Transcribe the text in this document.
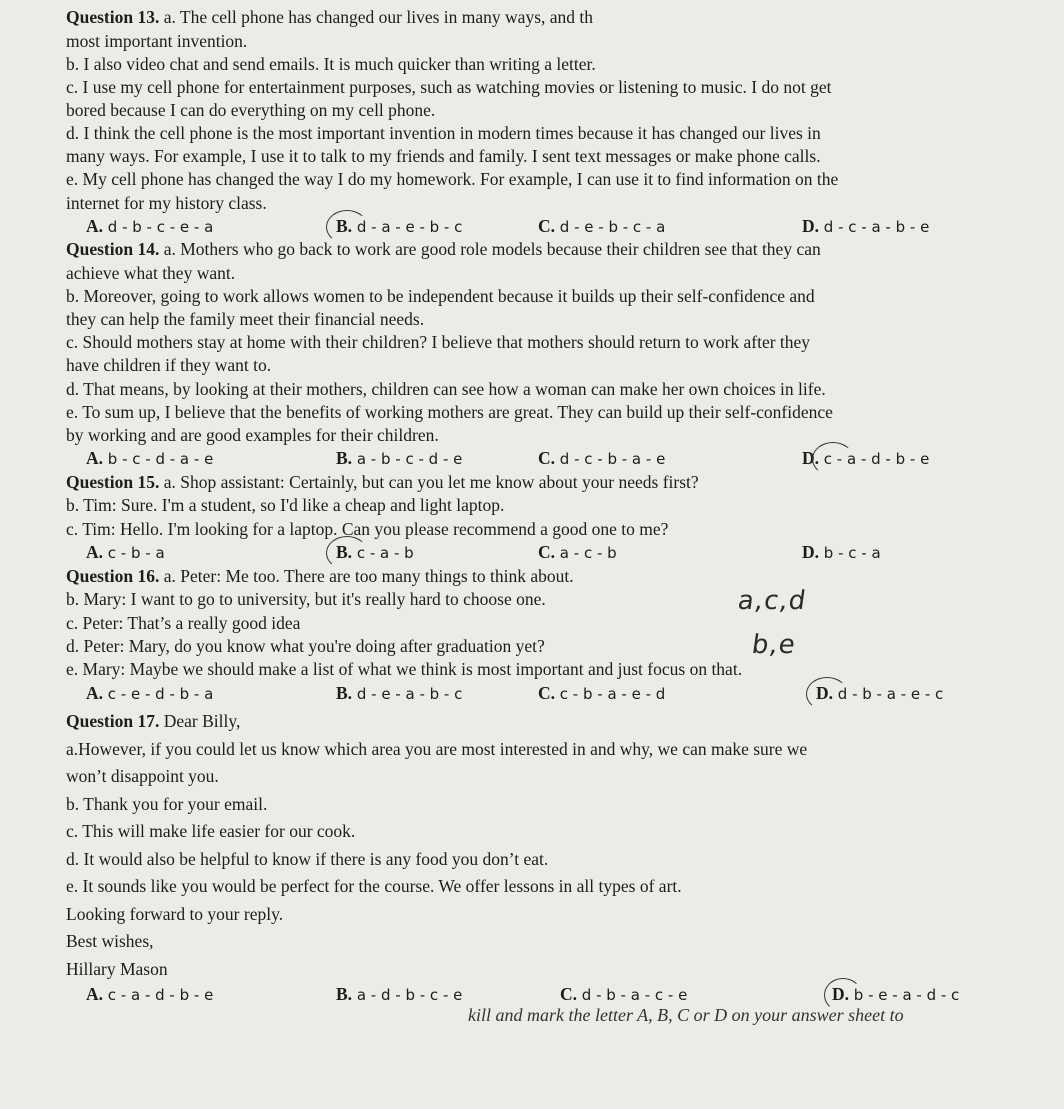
Question 13. a. The cell phone has changed our lives in many ways, and th
most important invention.
b. I also video chat and send emails. It is much quicker than writing a letter.
c. I use my cell phone for entertainment purposes, such as watching movies or listening to music. I do not get
bored because I can do everything on my cell phone.
d. I think the cell phone is the most important invention in modern times because it has changed our lives in
many ways. For example, I use it to talk to my friends and family. I sent text messages or make phone calls.
e. My cell phone has changed the way I do my homework. For example, I can use it to find information on the
internet for my history class.
A. d - b - c - e - a	B. d - a - e - b - c	C. d - e - b - c - a	D. d - c - a - b - e
Question 14. a. Mothers who go back to work are good role models because their children see that they can
achieve what they want.
b. Moreover, going to work allows women to be independent because it builds up their self-confidence and
they can help the family meet their financial needs.
c. Should mothers stay at home with their children? I believe that mothers should return to work after they
have children if they want to.
d. That means, by looking at their mothers, children can see how a woman can make her own choices in life.
e. To sum up, I believe that the benefits of working mothers are great. They can build up their self-confidence
by working and are good examples for their children.
A. b - c - d - a - e	B. a - b - c - d - e	C. d - c - b - a - e	D. c - a - d - b - e
Question 15. a. Shop assistant: Certainly, but can you let me know about your needs first?
b. Tim: Sure. I'm a student, so I'd like a cheap and light laptop.
c. Tim: Hello. I'm looking for a laptop. Can you please recommend a good one to me?
A. c - b - a	B. c - a - b	C. a - c - b	D. b - c - a
Question 16. a. Peter: Me too. There are too many things to think about.
b. Mary: I want to go to university, but it's really hard to choose one.
c. Peter: That’s a really good idea
d. Peter: Mary, do you know what you're doing after graduation yet?
e. Mary: Maybe we should make a list of what we think is most important and just focus on that.
A. c - e - d - b - a	B. d - e - a - b - c	C. c - b - a - e - d	D. d - b - a - e - c
a,c,d
b,e
Question 17. Dear Billy,
a.However, if you could let us know which area you are most interested in and why, we can make sure we
won’t disappoint you.
b. Thank you for your email.
c. This will make life easier for our cook.
d. It would also be helpful to know if there is any food you don’t eat.
e. It sounds like you would be perfect for the course. We offer lessons in all types of art.
Looking forward to your reply.
Best wishes,
Hillary Mason
A. c - a - d - b - e	B. a - d - b - c - e	C. d - b - a - c - e	D. b - e - a - d - c
kill and mark the letter A, B, C or D on your answer sheet to
